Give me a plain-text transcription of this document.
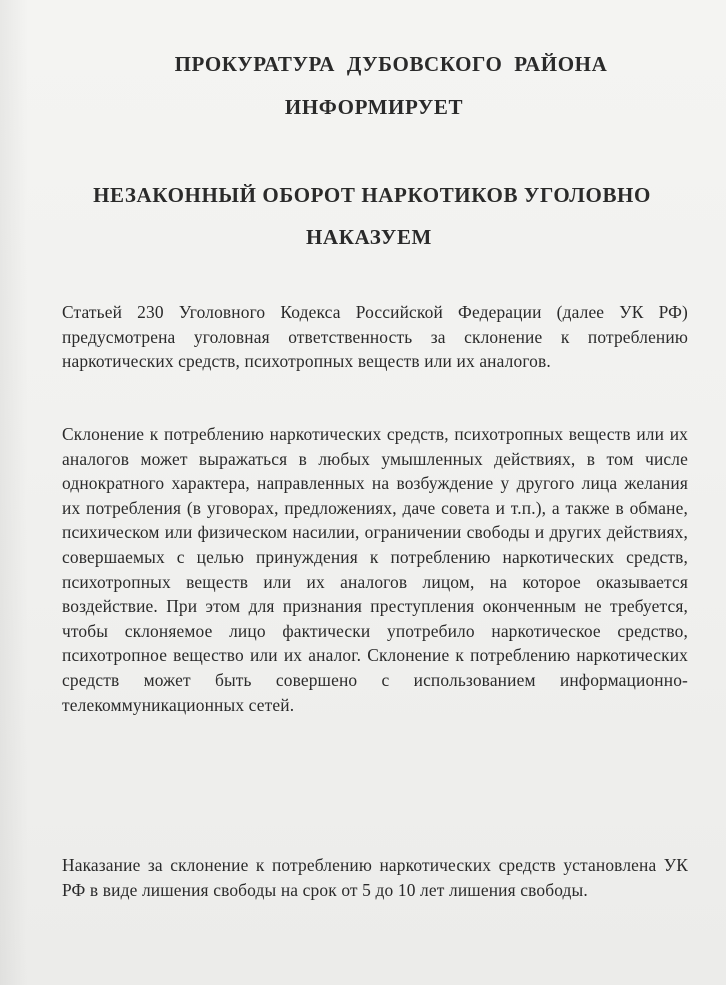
ПРОКУРАТУРА ДУБОВСКОГО РАЙОНА
ИНФОРМИРУЕТ
НЕЗАКОННЫЙ ОБОРОТ НАРКОТИКОВ УГОЛОВНО
НАКАЗУЕМ

Статьей 230 Уголовного Кодекса Российской Федерации (далее УК РФ) предусмотрена уголовная ответственность за склонение к потреблению наркотических средств, психотропных веществ или их аналогов.

Склонение к потреблению наркотических средств, психотропных веществ или их аналогов может выражаться в любых умышленных действиях, в том числе однократного характера, направленных на возбуждение у другого лица желания их потребления (в уговорах, предложениях, даче совета и т.п.), а также в обмане, психическом или физическом насилии, ограничении свободы и других действиях, совершаемых с целью принуждения к потреблению наркотических средств, психотропных веществ или их аналогов лицом, на которое оказывается воздействие. При этом для признания преступления оконченным не требуется, чтобы склоняемое лицо фактически употребило наркотическое средство, психотропное вещество или их аналог. Склонение к потреблению наркотических средств может быть совершено с использованием информационно-телекоммуникационных сетей.

Наказание за склонение к потреблению наркотических средств установлена УК РФ в виде лишения свободы на срок от 5 до 10 лет лишения свободы.
